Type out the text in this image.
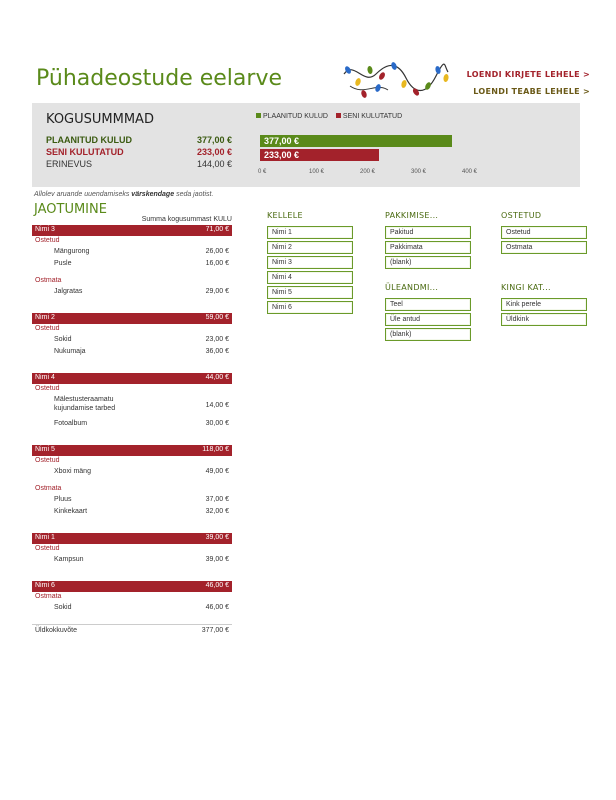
Pühadeostude eelarve	LOENDI KIRJETE LEHELE >
LOENDI TEABE LEHELE >
KOGUSUMMMAD
PLAANITUD KULUD	377,00 €
SENI KULUTATUD	233,00 €
ERINEVUS	144,00 €
PLAANITUD KULUD SENI KULUTATUD
377,00 €
233,00 €
0 €	100 €	200 €	300 €	400 €
Allolev aruande uuendamiseks värskendage seda jaotist.
JAOTUMINE
Summa kogusummast KULU
Nimi 3	71,00 €
Ostetud
Mängurong	26,00 €
Pusle	16,00 €
Ostmata
Jalgratas	29,00 €
Nimi 2	59,00 €
Ostetud
Sokid	23,00 €
Nukumaja	36,00 €
Nimi 4	44,00 €
Ostetud
Mälestusteraamatu kujundamise tarbed	14,00 €
Fotoalbum	30,00 €
Nimi 5	118,00 €
Ostetud
Xboxi mäng	49,00 €
Ostmata
Pluus	37,00 €
Kinkekaart	32,00 €
Nimi 1	39,00 €
Ostetud
Kampsun	39,00 €
Nimi 6	46,00 €
Ostmata
Sokid	46,00 €
Üldkokkuvõte	377,00 €
KELLELE
Nimi 1
Nimi 2
Nimi 3
Nimi 4
Nimi 5
Nimi 6
PAKKIMISE...
Pakitud
Pakkimata
(blank)
OSTETUD
Ostetud
Ostmata
ÜLEANDMI...
Teel
Üle antud
(blank)
KINGI KAT...
Kink perele
Üldkink
